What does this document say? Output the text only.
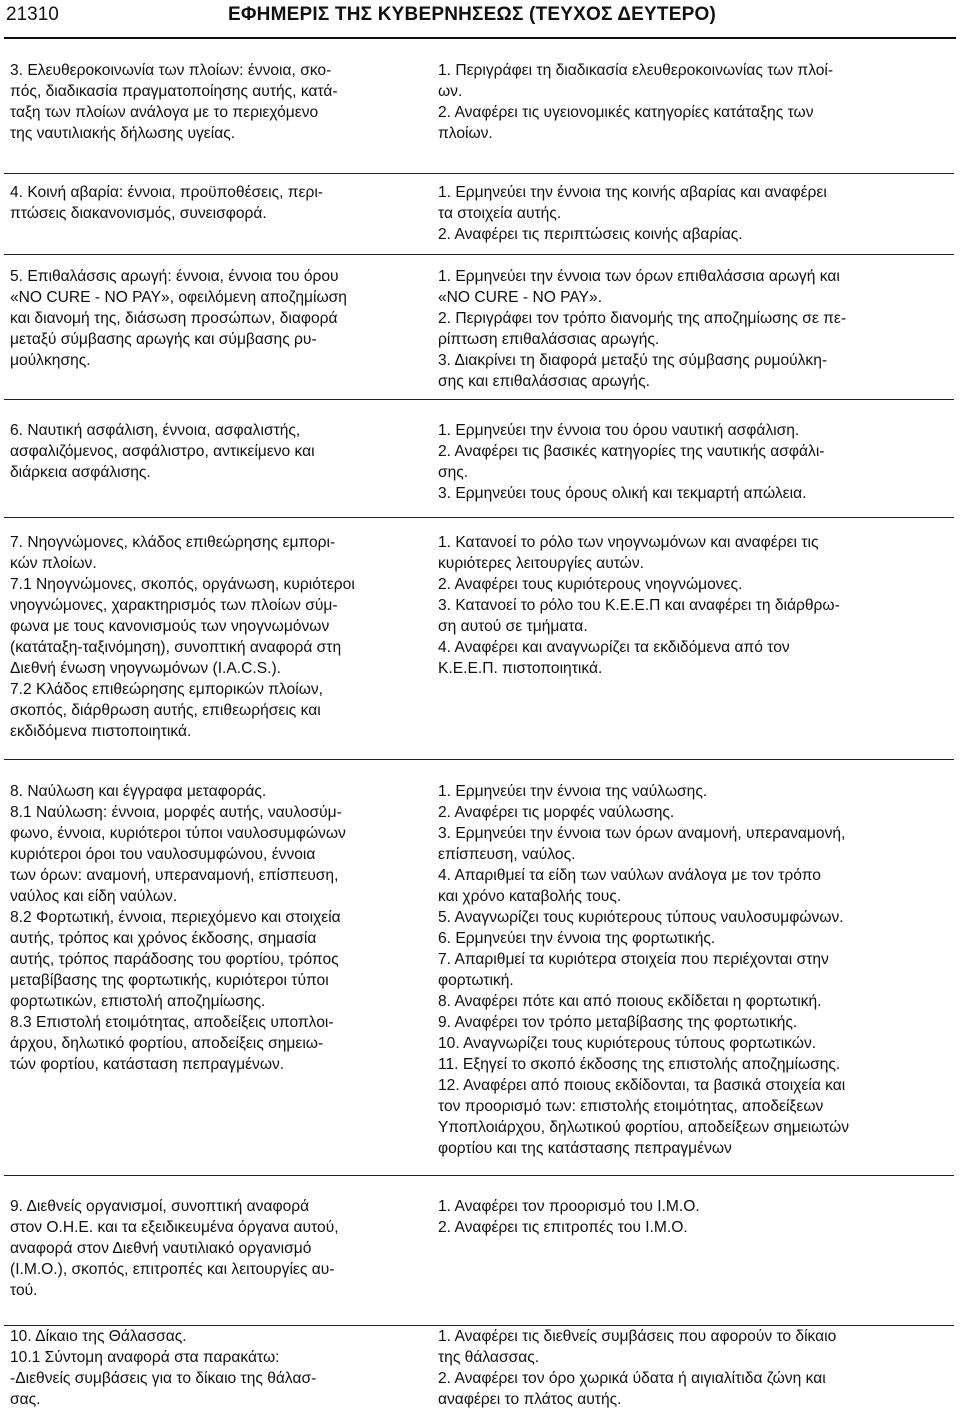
21310	ΕΦΗΜΕΡΙΣ ΤΗΣ ΚΥΒΕΡΝΗΣΕΩΣ (ΤΕΥΧΟΣ ΔΕΥΤΕΡΟ)
3. Ελευθεροκοινωνία των πλοίων: έννοια, σκο-
πός, διαδικασία πραγματοποίησης αυτής, κατά-
ταξη των πλοίων ανάλογα με το περιεχόμενο
της ναυτιλιακής δήλωσης υγείας.
1. Περιγράφει τη διαδικασία ελευθεροκοινωνίας των πλοί-
ων.
2. Αναφέρει τις υγειονομικές κατηγορίες κατάταξης των
πλοίων.
4. Κοινή αβαρία: έννοια, προϋποθέσεις, περι-
πτώσεις διακανονισμός, συνεισφορά.
1. Ερμηνεύει την έννοια της κοινής αβαρίας και αναφέρει
τα στοιχεία αυτής.
2. Αναφέρει τις περιπτώσεις κοινής αβαρίας.
5. Επιθαλάσσις αρωγή: έννοια, έννοια του όρου
«NO CURE - NO PAY», οφειλόμενη αποζημίωση
και διανομή της, διάσωση προσώπων, διαφορά
μεταξύ σύμβασης αρωγής και σύμβασης ρυ-
μούλκησης.
1. Ερμηνεύει την έννοια των όρων επιθαλάσσια αρωγή και
«NO CURE - NO PAY».
2. Περιγράφει τον τρόπο διανομής της αποζημίωσης σε πε-
ρίπτωση επιθαλάσσιας αρωγής.
3. Διακρίνει τη διαφορά μεταξύ της σύμβασης ρυμούλκη-
σης και επιθαλάσσιας αρωγής.
6. Ναυτική ασφάλιση, έννοια, ασφαλιστής,
ασφαλιζόμενος, ασφάλιστρο, αντικείμενο και
διάρκεια ασφάλισης.
1. Ερμηνεύει την έννοια του όρου ναυτική ασφάλιση.
2. Αναφέρει τις βασικές κατηγορίες της ναυτικής ασφάλι-
σης.
3. Ερμηνεύει τους όρους ολική και τεκμαρτή απώλεια.
7. Νηογνώμονες, κλάδος επιθεώρησης εμπορι-
κών πλοίων.
7.1 Νηογνώμονες, σκοπός, οργάνωση, κυριότεροι
νηογνώμονες, χαρακτηρισμός των πλοίων σύμ-
φωνα με τους κανονισμούς των νηογνωμόνων
(κατάταξη-ταξινόμηση), συνοπτική αναφορά στη
Διεθνή ένωση νηογνωμόνων (I.A.C.S.).
7.2 Κλάδος επιθεώρησης εμπορικών πλοίων,
σκοπός, διάρθρωση αυτής, επιθεωρήσεις και
εκδιδόμενα πιστοποιητικά.
1. Κατανοεί το ρόλο των νηογνωμόνων και αναφέρει τις
κυριότερες λειτουργίες αυτών.
2. Αναφέρει τους κυριότερους νηογνώμονες.
3. Κατανοεί το ρόλο του Κ.Ε.Ε.Π και αναφέρει τη διάρθρω-
ση αυτού σε τμήματα.
4. Αναφέρει και αναγνωρίζει τα εκδιδόμενα από τον
Κ.Ε.Ε.Π. πιστοποιητικά.
8. Ναύλωση και έγγραφα μεταφοράς.
8.1 Ναύλωση: έννοια, μορφές αυτής, ναυλοσύμ-
φωνο, έννοια, κυριότεροι τύποι ναυλοσυμφώνων
κυριότεροι όροι του ναυλοσυμφώνου, έννοια
των όρων: αναμονή, υπεραναμονή, επίσπευση,
ναύλος και είδη ναύλων.
8.2 Φορτωτική, έννοια, περιεχόμενο και στοιχεία
αυτής, τρόπος και χρόνος έκδοσης, σημασία
αυτής, τρόπος παράδοσης του φορτίου, τρόπος
μεταβίβασης της φορτωτικής, κυριότεροι τύποι
φορτωτικών, επιστολή αποζημίωσης.
8.3 Επιστολή ετοιμότητας, αποδείξεις υποπλοι-
άρχου, δηλωτικό φορτίου, αποδείξεις σημειω-
τών φορτίου, κατάσταση πεπραγμένων.
1. Ερμηνεύει την έννοια της ναύλωσης.
2. Αναφέρει τις μορφές ναύλωσης.
3. Ερμηνεύει την έννοια των όρων αναμονή, υπεραναμονή,
επίσπευση, ναύλος.
4. Απαριθμεί τα είδη των ναύλων ανάλογα με τον τρόπο
και χρόνο καταβολής τους.
5. Αναγνωρίζει τους κυριότερους τύπους ναυλοσυμφώνων.
6. Ερμηνεύει την έννοια της φορτωτικής.
7. Απαριθμεί τα κυριότερα στοιχεία που περιέχονται στην
φορτωτική.
8. Αναφέρει πότε και από ποιους εκδίδεται η φορτωτική.
9. Αναφέρει τον τρόπο μεταβίβασης της φορτωτικής.
10. Αναγνωρίζει τους κυριότερους τύπους φορτωτικών.
11. Εξηγεί το σκοπό έκδοσης της επιστολής αποζημίωσης.
12. Αναφέρει από ποιους εκδίδονται, τα βασικά στοιχεία και
τον προορισμό των: επιστολής ετοιμότητας, αποδείξεων
Υποπλοιάρχου, δηλωτικού φορτίου, αποδείξεων σημειωτών
φορτίου και της κατάστασης πεπραγμένων
9. Διεθνείς οργανισμοί, συνοπτική αναφορά
στον Ο.Η.Ε. και τα εξειδικευμένα όργανα αυτού,
αναφορά στον Διεθνή ναυτιλιακό οργανισμό
(Ι.Μ.Ο.), σκοπός, επιτροπές και λειτουργίες αυ-
τού.
1. Αναφέρει τον προορισμό του Ι.Μ.Ο.
2. Αναφέρει τις επιτροπές του Ι.Μ.Ο.
10. Δίκαιο της Θάλασσας.
10.1 Σύντομη αναφορά στα παρακάτω:
-Διεθνείς συμβάσεις για το δίκαιο της θάλασ-
σας.
1. Αναφέρει τις διεθνείς συμβάσεις που αφορούν το δίκαιο
της θάλασσας.
2. Αναφέρει τον όρο χωρικά ύδατα ή αιγιαλίτιδα ζώνη και
αναφέρει το πλάτος αυτής.
